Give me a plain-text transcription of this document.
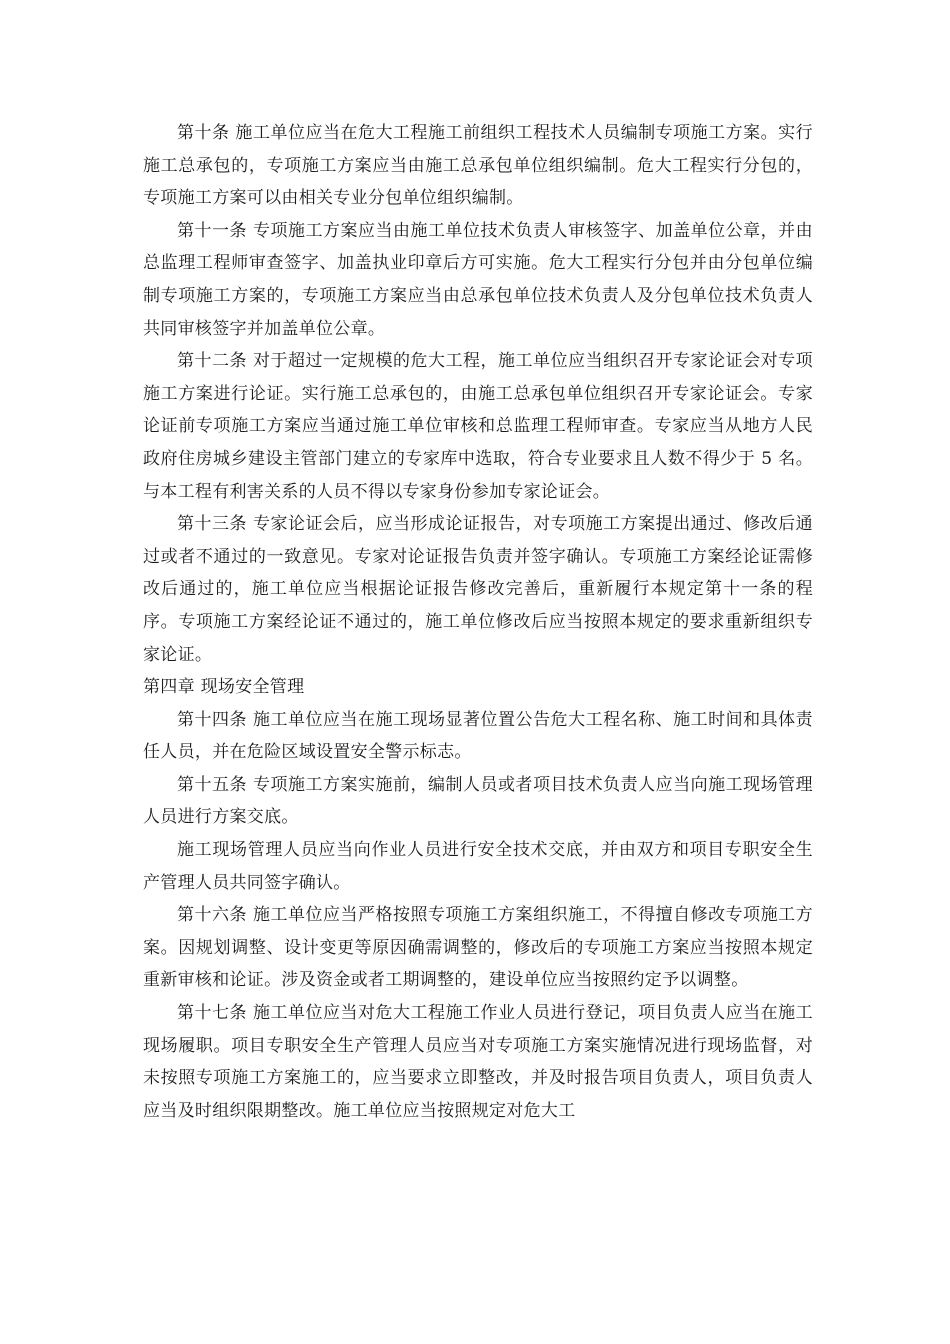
第十条 施工单位应当在危大工程施工前组织工程技术人员编制专项施工方案。实行施工总承包的，专项施工方案应当由施工总承包单位组织编制。危大工程实行分包的，专项施工方案可以由相关专业分包单位组织编制。

第十一条 专项施工方案应当由施工单位技术负责人审核签字、加盖单位公章，并由总监理工程师审查签字、加盖执业印章后方可实施。危大工程实行分包并由分包单位编制专项施工方案的，专项施工方案应当由总承包单位技术负责人及分包单位技术负责人共同审核签字并加盖单位公章。

第十二条 对于超过一定规模的危大工程，施工单位应当组织召开专家论证会对专项施工方案进行论证。实行施工总承包的，由施工总承包单位组织召开专家论证会。专家论证前专项施工方案应当通过施工单位审核和总监理工程师审查。专家应当从地方人民政府住房城乡建设主管部门建立的专家库中选取，符合专业要求且人数不得少于 5 名。与本工程有利害关系的人员不得以专家身份参加专家论证会。

第十三条 专家论证会后，应当形成论证报告，对专项施工方案提出通过、修改后通过或者不通过的一致意见。专家对论证报告负责并签字确认。专项施工方案经论证需修改后通过的，施工单位应当根据论证报告修改完善后，重新履行本规定第十一条的程序。专项施工方案经论证不通过的，施工单位修改后应当按照本规定的要求重新组织专家论证。

第四章 现场安全管理

第十四条 施工单位应当在施工现场显著位置公告危大工程名称、施工时间和具体责任人员，并在危险区域设置安全警示标志。

第十五条 专项施工方案实施前，编制人员或者项目技术负责人应当向施工现场管理人员进行方案交底。

施工现场管理人员应当向作业人员进行安全技术交底，并由双方和项目专职安全生产管理人员共同签字确认。

第十六条 施工单位应当严格按照专项施工方案组织施工，不得擅自修改专项施工方案。因规划调整、设计变更等原因确需调整的，修改后的专项施工方案应当按照本规定重新审核和论证。涉及资金或者工期调整的，建设单位应当按照约定予以调整。

第十七条 施工单位应当对危大工程施工作业人员进行登记，项目负责人应当在施工现场履职。项目专职安全生产管理人员应当对专项施工方案实施情况进行现场监督，对未按照专项施工方案施工的，应当要求立即整改，并及时报告项目负责人，项目负责人应当及时组织限期整改。施工单位应当按照规定对危大工
